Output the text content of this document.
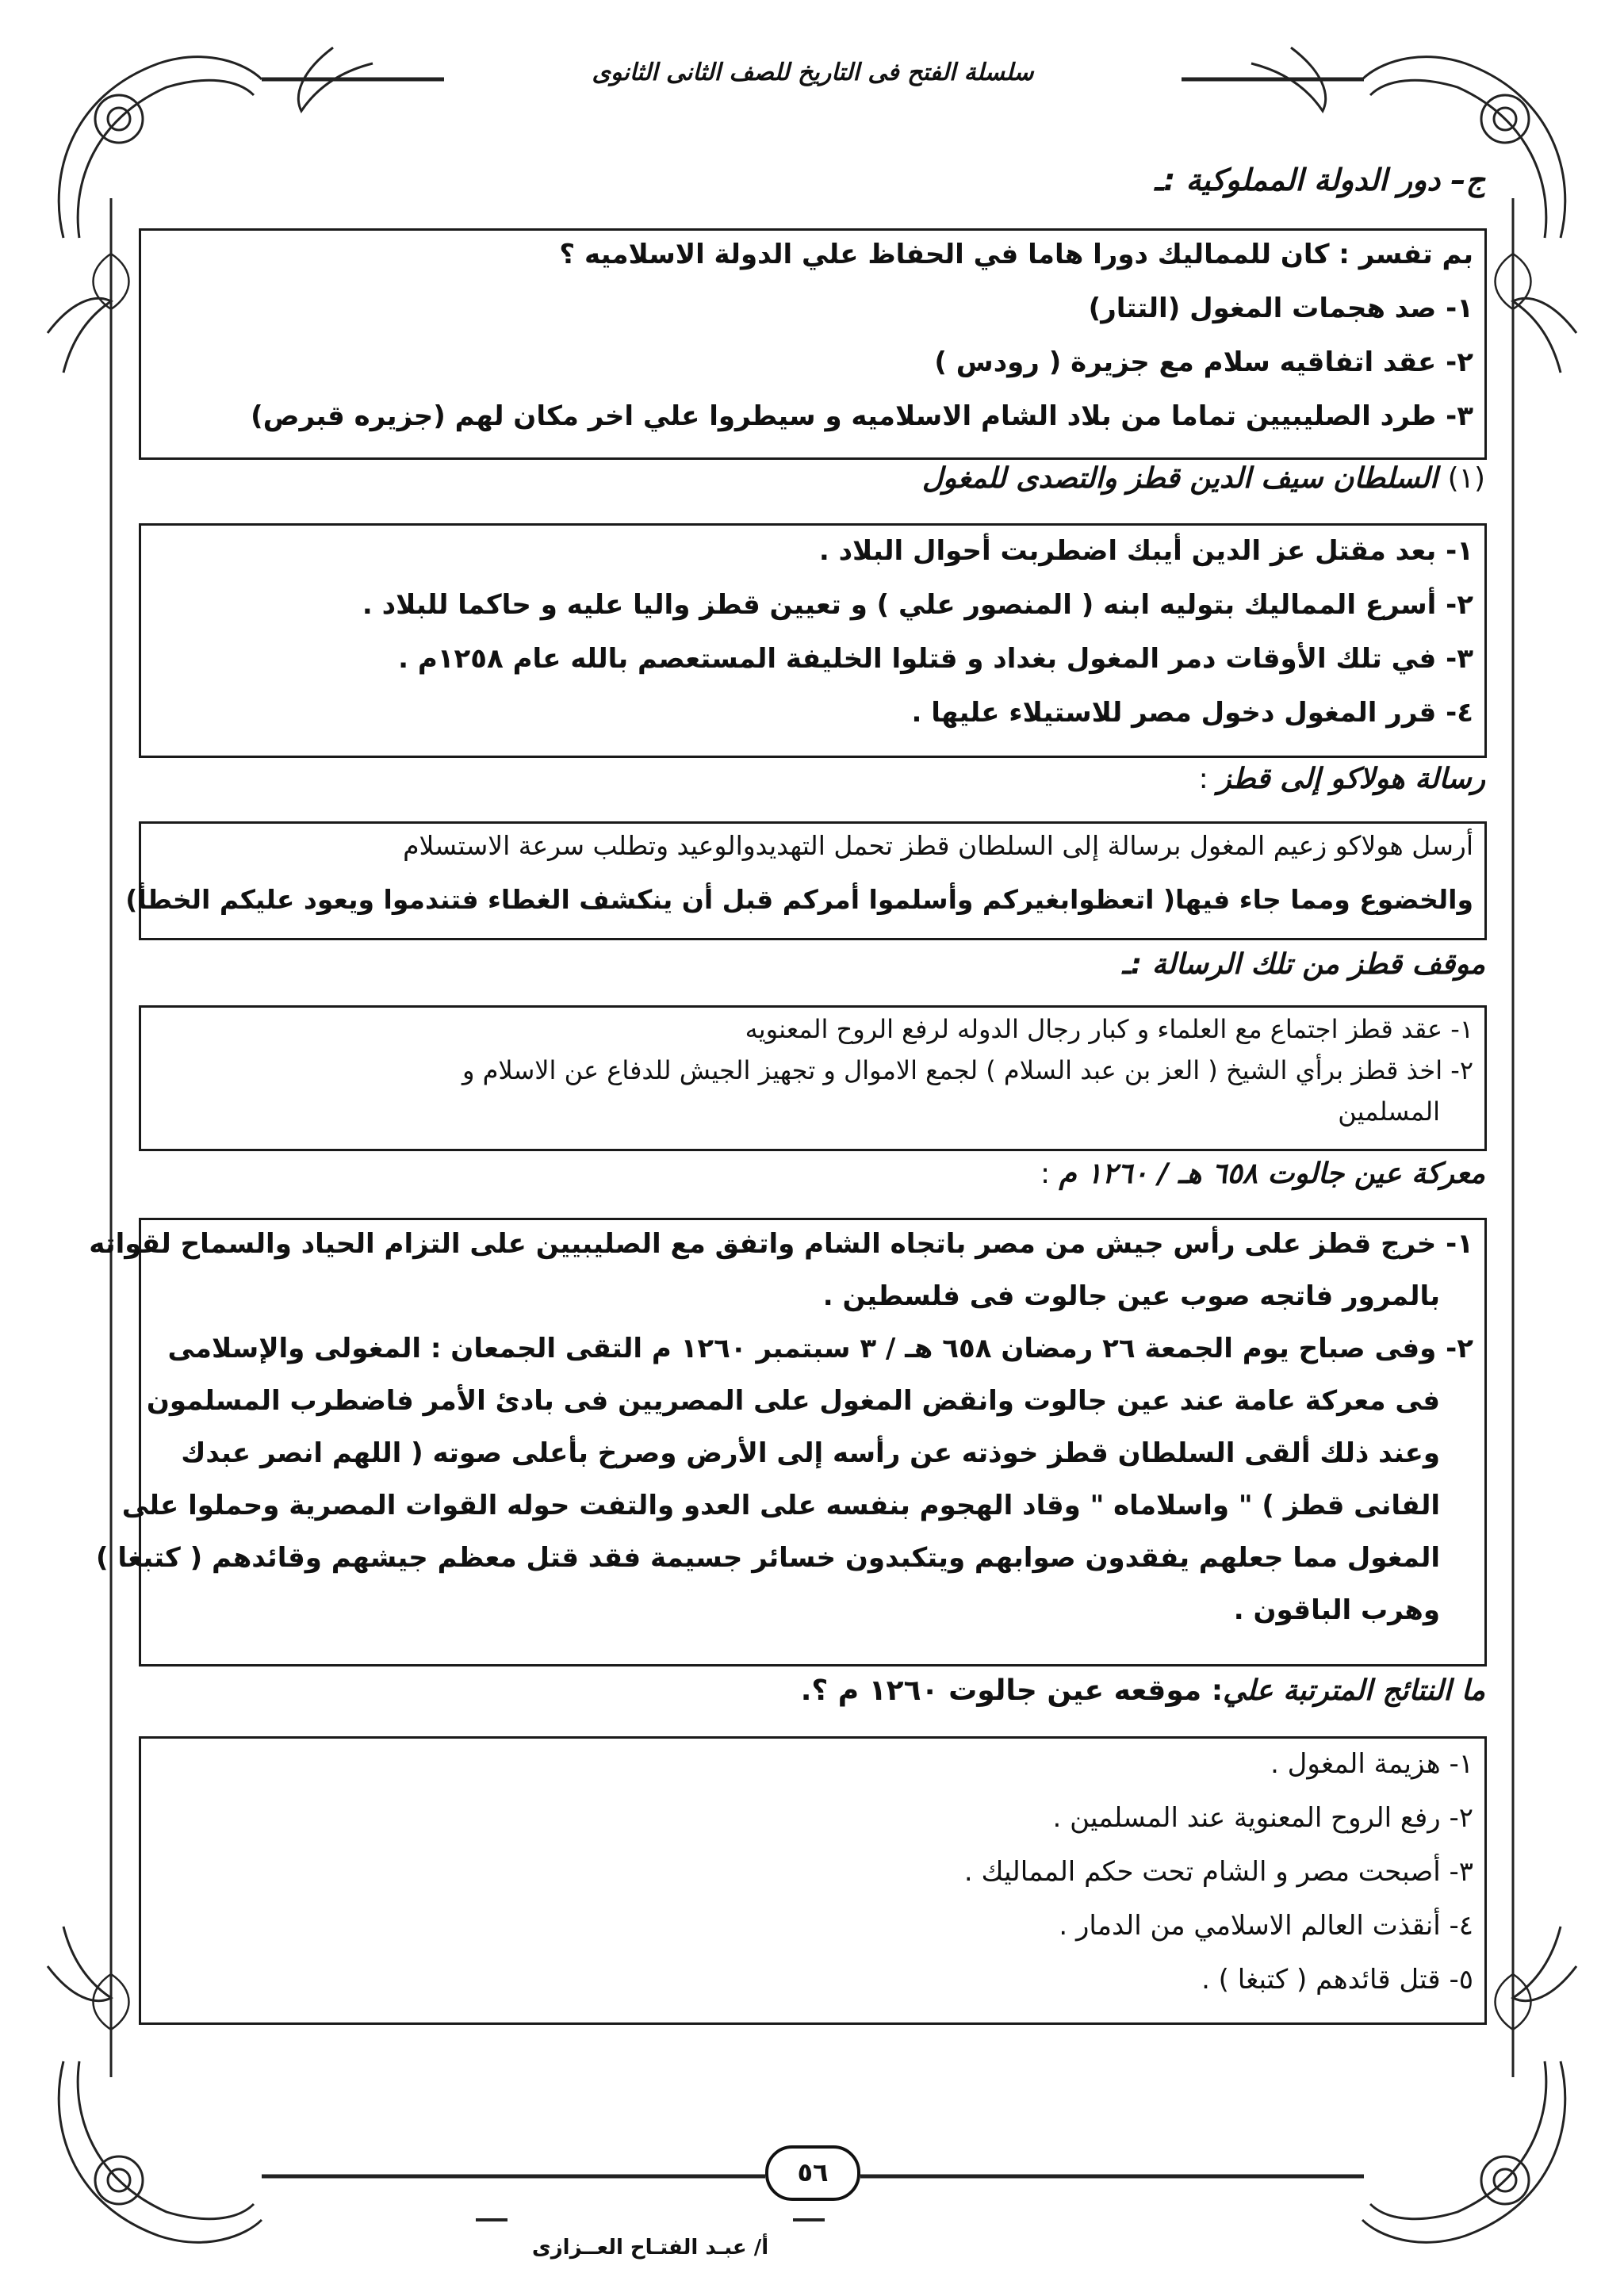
سلسلة الفتح فى التاريخ للصف الثانى الثانوى
ج– دور الدولة المملوكية :ـ
بم تفسر : كان للمماليك دورا هاما في الحفاظ علي الدولة الاسلاميه ؟
١- صد هجمات المغول (التتار)
٢- عقد اتفاقيه سلام مع جزيرة ( رودس )
٣- طرد الصليبيين تماما من بلاد الشام الاسلاميه و سيطروا علي اخر مكان لهم (جزيره قبرص)
(١) السلطان سيف الدين قطز والتصدى للمغول
١- بعد مقتل عز الدين أيبك اضطربت أحوال البلاد .
٢- أسرع المماليك بتوليه ابنه ( المنصور علي ) و تعيين قطز واليا عليه و حاكما للبلاد .
٣- في تلك الأوقات دمر المغول بغداد و قتلوا الخليفة المستعصم بالله عام ١٢٥٨م .
٤- قرر المغول دخول مصر للاستيلاء عليها .
رسالة هولاكو إلى قطز :
أرسل هولاكو زعيم المغول برسالة إلى السلطان قطز تحمل التهديدوالوعيد وتطلب سرعة الاستسلام
والخضوع ومما جاء فيها( اتعظوابغيركم وأسلموا أمركم قبل أن ينكشف الغطاء فتندموا ويعود عليكم الخطأ)
موقف قطز من تلك الرسالة :ـ
١- عقد قطز اجتماع مع العلماء و كبار رجال الدوله لرفع الروح المعنويه
٢- اخذ قطز برأي الشيخ ( العز بن عبد السلام ) لجمع الاموال و تجهيز الجيش للدفاع عن الاسلام و
المسلمين
معركة عين جالوت ٦٥٨ هـ / ١٢٦٠ م :
١- خرج قطز على رأس جيش من مصر باتجاه الشام واتفق مع الصليبيين على التزام الحياد والسماح لقواته
بالمرور فاتجه صوب عين جالوت فى فلسطين .
٢- وفى صباح يوم الجمعة ٢٦ رمضان ٦٥٨ هـ / ٣ سبتمبر ١٢٦٠ م التقى الجمعان : المغولى والإسلامى
فى معركة عامة عند عين جالوت وانقض المغول على المصريين فى بادئ الأمر فاضطرب المسلمون
وعند ذلك ألقى السلطان قطز خوذته عن رأسه إلى الأرض وصرخ بأعلى صوته ( اللهم انصر عبدك
الفانى قطز ) " واسلاماه " وقاد الهجوم بنفسه على العدو والتفت حوله القوات المصرية وحملوا على
المغول مما جعلهم يفقدون صوابهم ويتكبدون خسائر جسيمة فقد قتل معظم جيشهم وقائدهم ( كتبغا )
وهرب الباقون .
ما النتائج المترتبة علي: موقعه عين جالوت ١٢٦٠ م ؟.
١- هزيمة المغول .
٢- رفع الروح المعنوية عند المسلمين .
٣- أصبحت مصر و الشام تحت حكم المماليك .
٤- أنقذت العالم الاسلامي من الدمار .
٥- قتل قائدهم ( كتبغا ) .
٥٦
أ/ عبـد الفتـاح العــزازى
